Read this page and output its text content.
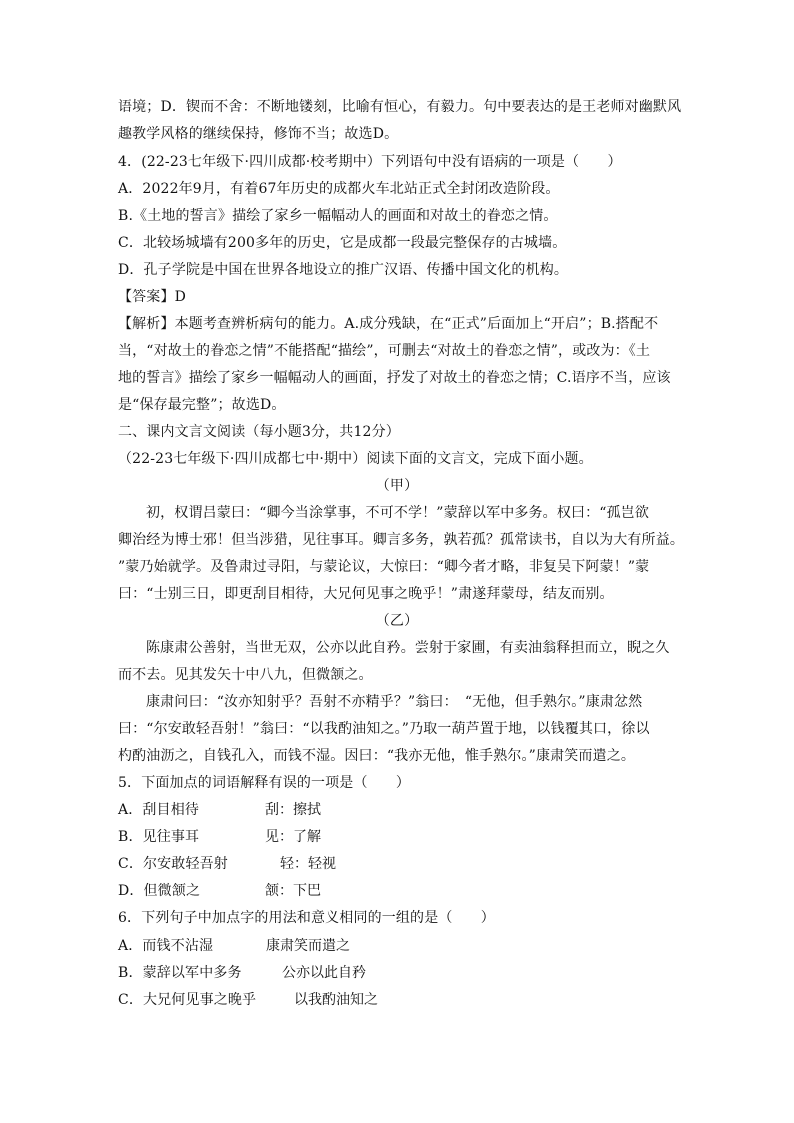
语境；D．锲而不舍：不断地镂刻，比喻有恒心，有毅力。句中要表达的是王老师对幽默风
趣教学风格的继续保持，修饰不当；故选D。
4．(22-23七年级下·四川成都·校考期中）下列语句中没有语病的一项是（　　）
A．2022年9月，有着67年历史的成都火车北站正式全封闭改造阶段。
B.《土地的誓言》描绘了家乡一幅幅动人的画面和对故土的眷恋之情。
C．北较场城墙有200多年的历史，它是成都一段最完整保存的古城墙。
D．孔子学院是中国在世界各地设立的推广汉语、传播中国文化的机构。
【答案】D
【解析】本题考查辨析病句的能力。A.成分残缺，在“正式”后面加上“开启”；B.搭配不
当，“对故土的眷恋之情”不能搭配“描绘”，可删去“对故土的眷恋之情”，或改为：《土
地的誓言》描绘了家乡一幅幅动人的画面，抒发了对故土的眷恋之情；C.语序不当，应该
是“保存最完整”；故选D。
二、课内文言文阅读（每小题3分，共12分）
（22-23七年级下·四川成都七中·期中）阅读下面的文言文，完成下面小题。
（甲）
初，权谓吕蒙曰：“卿今当涂掌事，不可不学！”蒙辞以军中多务。权曰：“孤岂欲
卿治经为博士邪！但当涉猎，见往事耳。卿言多务，孰若孤？孤常读书，自以为大有所益。
”蒙乃始就学。及鲁肃过寻阳，与蒙论议，大惊曰：“卿今者才略，非复吴下阿蒙！”蒙
曰：“士别三日，即更刮目相待，大兄何见事之晚乎！”肃遂拜蒙母，结友而别。
（乙）
陈康肃公善射，当世无双，公亦以此自矜。尝射于家圃，有卖油翁释担而立，睨之久
而不去。见其发矢十中八九，但微颔之。
康肃问曰：“汝亦知射乎？吾射不亦精乎？”翁曰：　“无他，但手熟尔。”康肃忿然
曰：“尔安敢轻吾射！”翁曰：“以我酌油知之。”乃取一葫芦置于地，以钱覆其口，徐以
杓酌油沥之，自钱孔入，而钱不湿。因曰：“我亦无他，惟手熟尔。”康肃笑而遣之。
5．下面加点的词语解释有误的一项是（　　）
A．刮目相待	刮：擦拭
B．见往事耳	见：了解
C．尔安敢轻吾射	轻：轻视
D．但微颔之	颔：下巴
6．下列句子中加点字的用法和意义相同的一组的是（　　）
A．而钱不沾湿	康肃笑而遣之
B．蒙辞以军中多务	公亦以此自矜
C．大兄何见事之晚乎	以我酌油知之
